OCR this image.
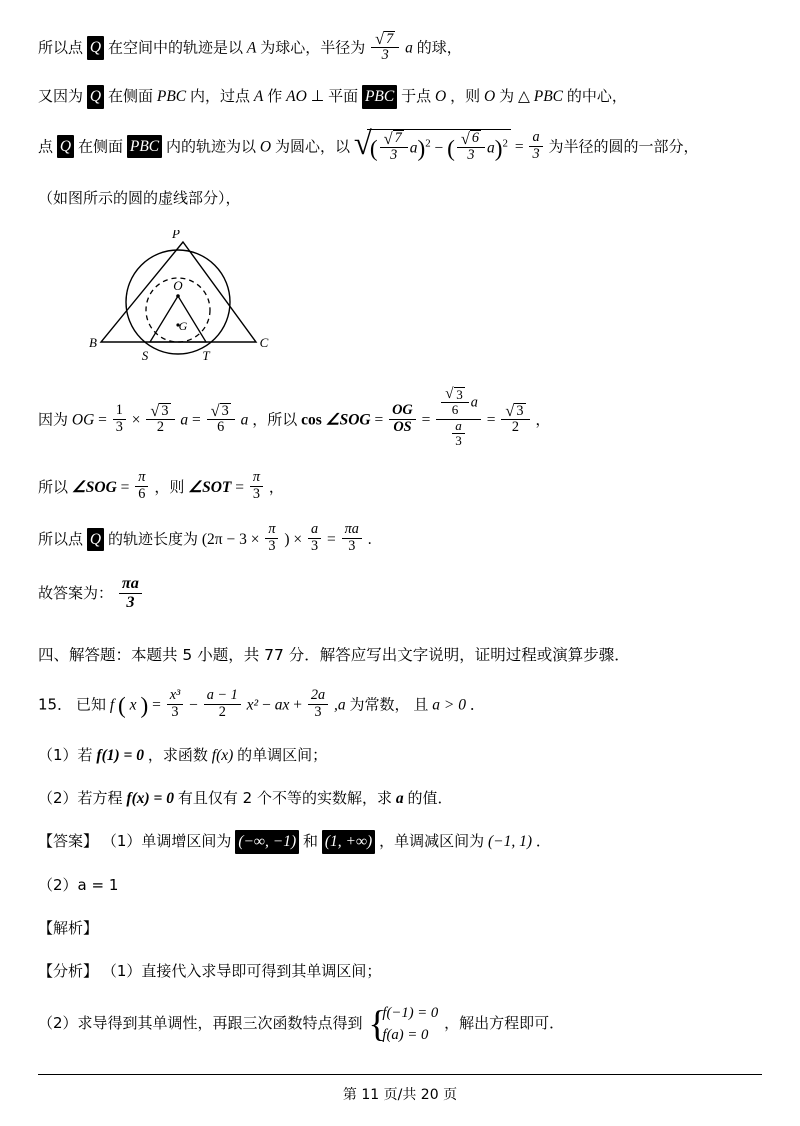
所以点 Q 在空间中的轨迹是以 A 为球心，半径为 √ $\frac{7}{3}$ a 的球，
又因为 Q 在侧面 PBC 内，过点 A 作 AO ⊥ 平面 PBC 于点 O ，则 O 为 △ PBC 的中心，
点 Q 在侧面 PBC 内的轨迹为以 O 为圆心，以 √ ( √ $\frac{7}{3} a)^2$ − ( √ $\frac{6}{3} a)^2 = \frac{a}{3}$ 为半径的圆的一部分，
（如图所示的圆的虚线部分），
P
O
G
B	C
S	T
因为 OG = $\frac{1}{3}$ × √ $\frac{3}{2}$ a = √ $\frac{3}{6}$ a ，所以 cos ∠SOG = $\frac{OG}{OS}$ = √ $\frac{\frac{3}{6} a}{\frac{a}{3}}$ = √ $\frac{3}{2}$ ，
所以 ∠SOG = $\frac{\pi}{6}$ ，则 ∠SOT = $\frac{\pi}{3}$ ，
所以点 Q 的轨迹长度为 ($2\pi - 3 \times \frac{\pi}{3}$ ) × $\frac{a}{3} = \frac{\pi a}{3}$ .
故答案为： $\frac{\pi a}{3}$
四、解答题：本题共 5 小题，共 77 分．解答应写出文字说明，证明过程或演算步骤．
15． 已知 f ( x ) = $\frac{\text{x³}}{3} - \frac{a - 1}{2} x^2$ − ax + $\frac{2a}{3} ,a$ 为常数， 且 a > 0 ．
（1）若 f(1) = 0 ，求函数 f(x) 的单调区间；
（2）若方程 f(x) = 0 有且仅有 2 个不等的实数解，求 a 的值．
【答案】 （1）单调增区间为 (−∞, −1) 和 (1, +∞) ，单调减区间为 (−1, 1) ．
（2）a = 1
【解析】
【分析】 （1）直接代入求导即可得到其单调区间；
（2）求导得到其单调性，再跟三次函数特点得到
{ f(−1) = 0
f(a) = 0
，解出方程即可．
第 11 页/共 20 页
